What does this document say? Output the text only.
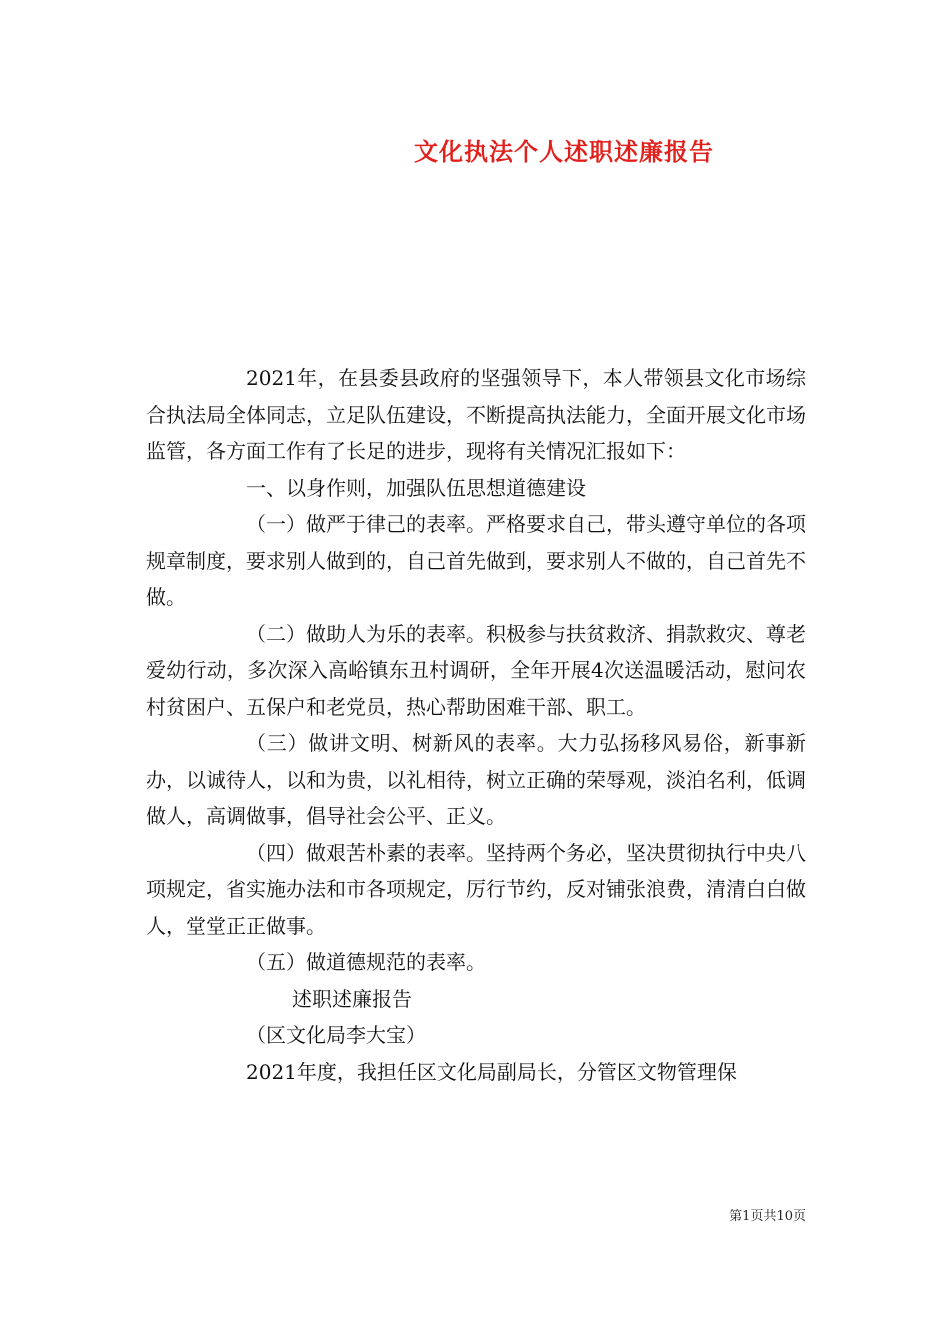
文化执法个人述职述廉报告

2021年，在县委县政府的坚强领导下，本人带领县文化市场综合执法局全体同志，立足队伍建设，不断提高执法能力，全面开展文化市场监管，各方面工作有了长足的进步，现将有关情况汇报如下：

一、以身作则，加强队伍思想道德建设

（一）做严于律己的表率。严格要求自己，带头遵守单位的各项规章制度，要求别人做到的，自己首先做到，要求别人不做的，自己首先不做。

（二）做助人为乐的表率。积极参与扶贫救济、捐款救灾、尊老爱幼行动，多次深入高峪镇东丑村调研，全年开展4次送温暖活动，慰问农村贫困户、五保户和老党员，热心帮助困难干部、职工。

（三）做讲文明、树新风的表率。大力弘扬移风易俗，新事新办，以诚待人，以和为贵，以礼相待，树立正确的荣辱观，淡泊名利，低调做人，高调做事，倡导社会公平、正义。

（四）做艰苦朴素的表率。坚持两个务必，坚决贯彻执行中央八项规定，省实施办法和市各项规定，厉行节约，反对铺张浪费，清清白白做人，堂堂正正做事。

（五）做道德规范的表率。

述职述廉报告

（区文化局李大宝）

2021年度，我担任区文化局副局长，分管区文物管理保

第1页共10页
